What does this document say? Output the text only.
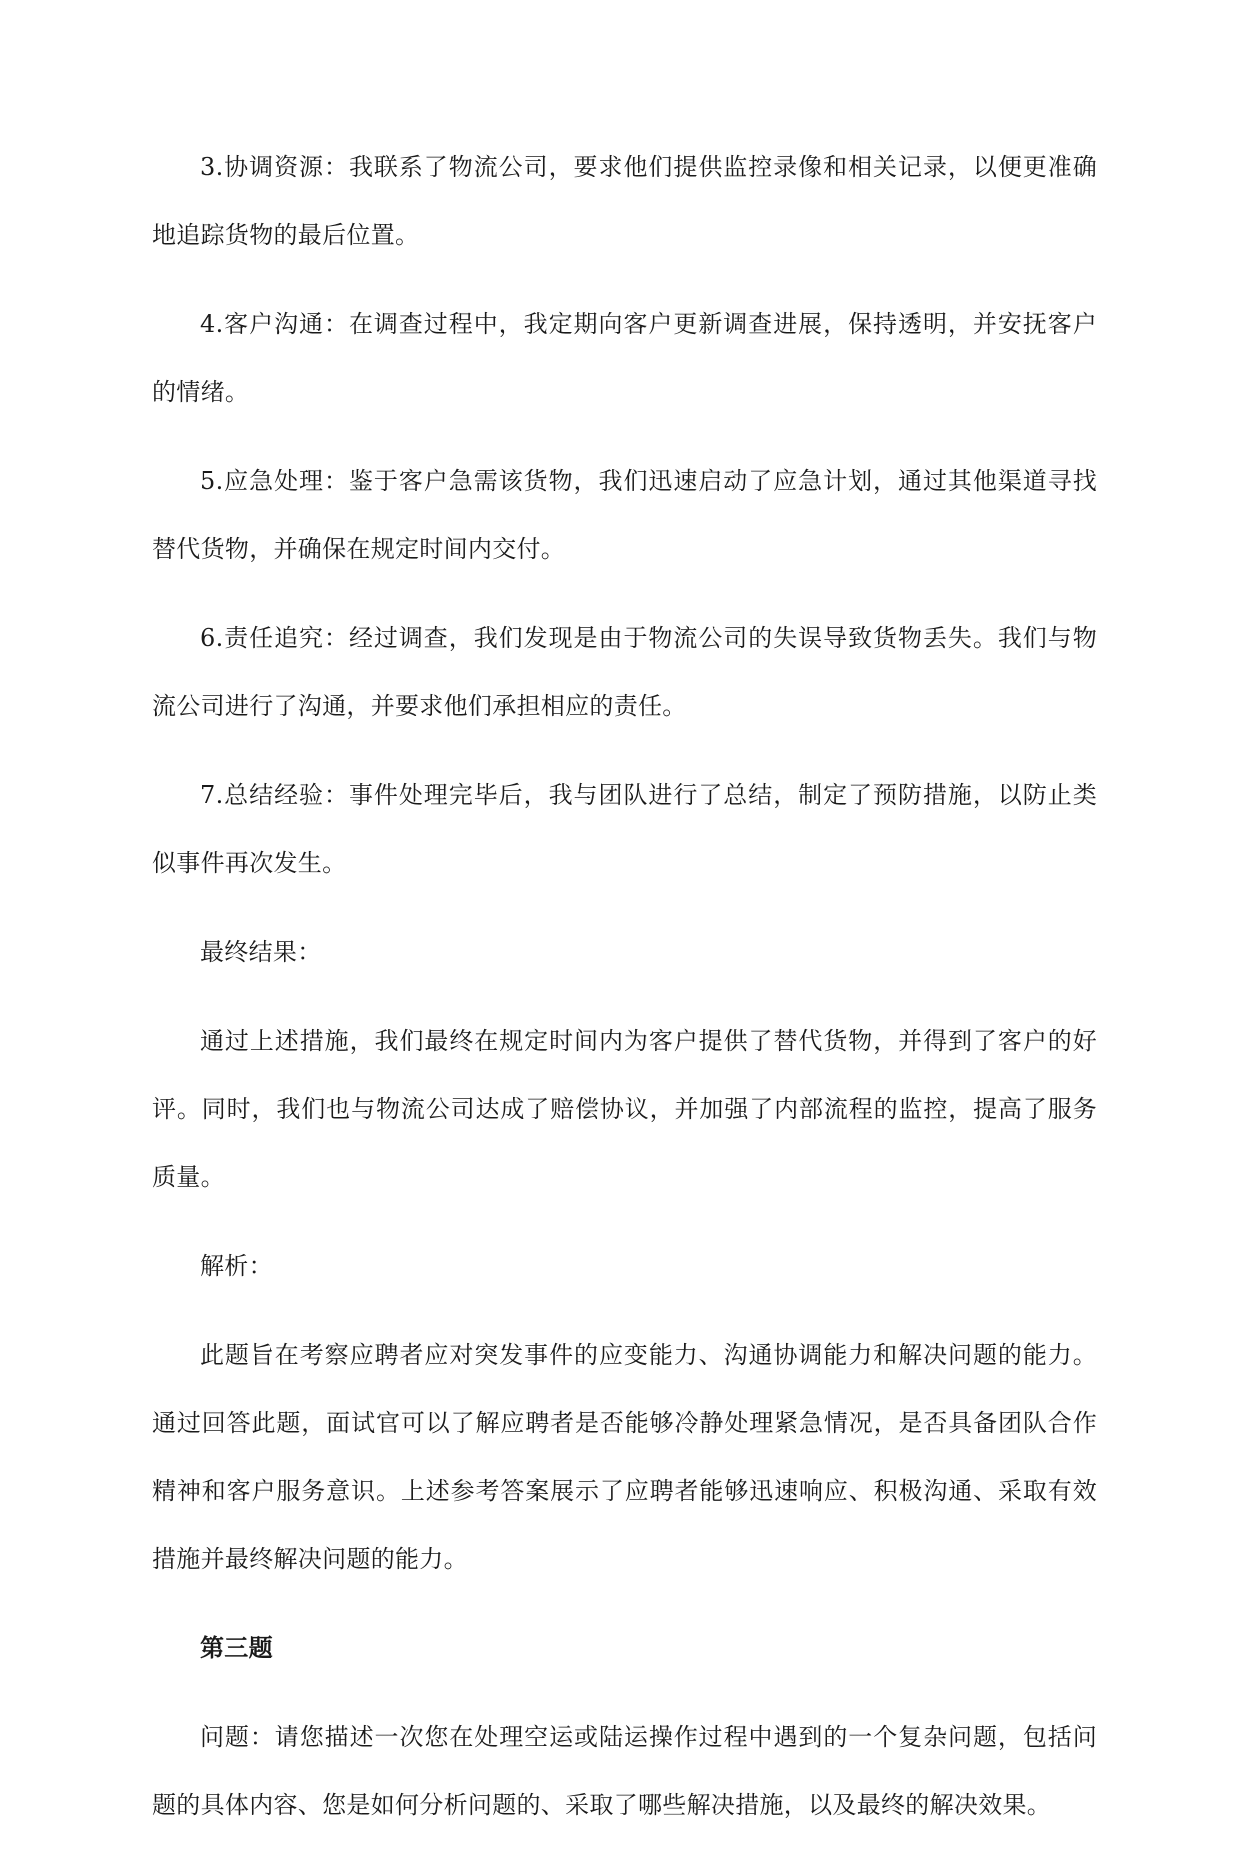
3.协调资源：我联系了物流公司，要求他们提供监控录像和相关记录，以便更准确地追踪货物的最后位置。

4.客户沟通：在调查过程中，我定期向客户更新调查进展，保持透明，并安抚客户的情绪。

5.应急处理：鉴于客户急需该货物，我们迅速启动了应急计划，通过其他渠道寻找替代货物，并确保在规定时间内交付。

6.责任追究：经过调查，我们发现是由于物流公司的失误导致货物丢失。我们与物流公司进行了沟通，并要求他们承担相应的责任。

7.总结经验：事件处理完毕后，我与团队进行了总结，制定了预防措施，以防止类似事件再次发生。

最终结果：

通过上述措施，我们最终在规定时间内为客户提供了替代货物，并得到了客户的好评。同时，我们也与物流公司达成了赔偿协议，并加强了内部流程的监控，提高了服务质量。

解析：

此题旨在考察应聘者应对突发事件的应变能力、沟通协调能力和解决问题的能力。通过回答此题，面试官可以了解应聘者是否能够冷静处理紧急情况，是否具备团队合作精神和客户服务意识。上述参考答案展示了应聘者能够迅速响应、积极沟通、采取有效措施并最终解决问题的能力。

第三题

问题：请您描述一次您在处理空运或陆运操作过程中遇到的一个复杂问题，包括问题的具体内容、您是如何分析问题的、采取了哪些解决措施，以及最终的解决效果。
